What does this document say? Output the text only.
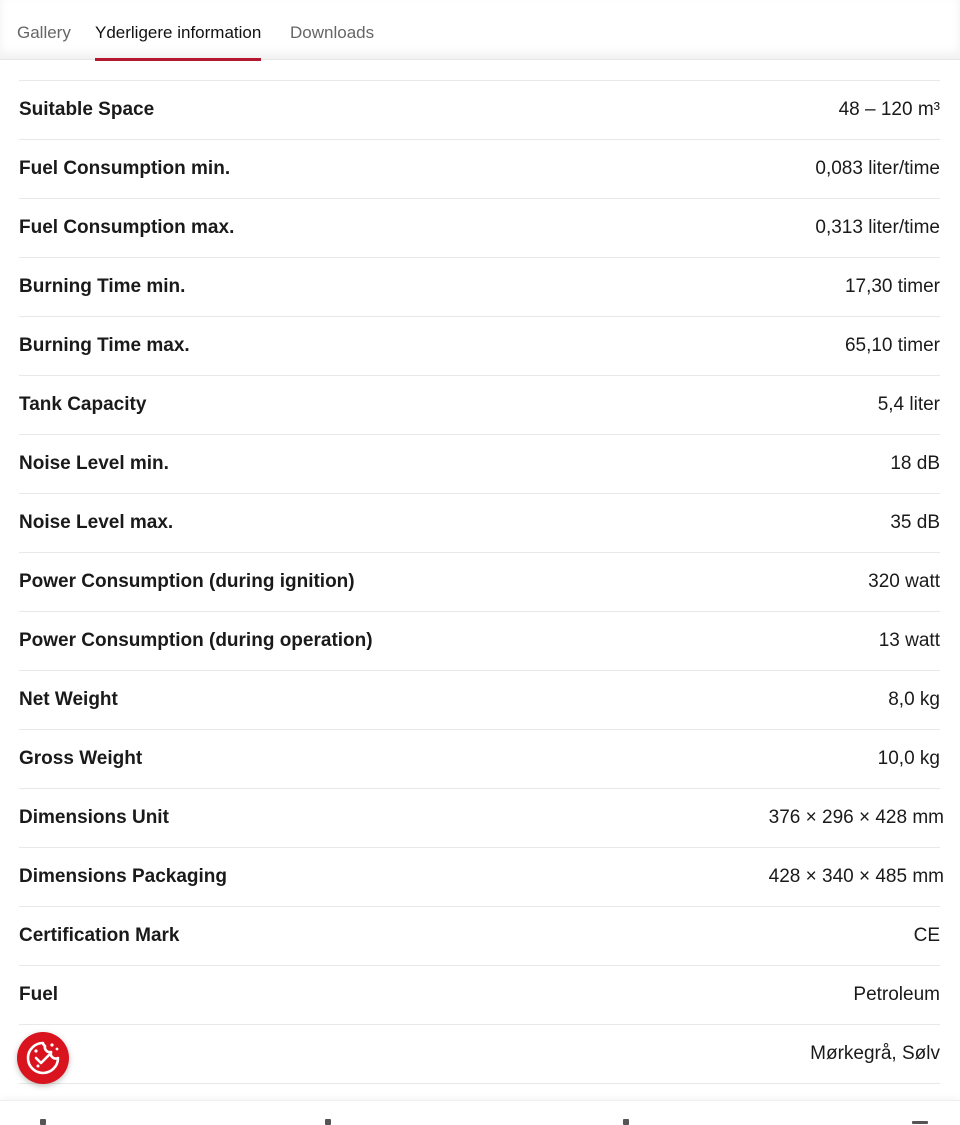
Gallery Yderligere information Downloads
Suitable Space	48 – 120 m³
Fuel Consumption min.	0,083 liter/time
Fuel Consumption max.	0,313 liter/time
Burning Time min.	17,30 timer
Burning Time max.	65,10 timer
Tank Capacity	5,4 liter
Noise Level min.	18 dB
Noise Level max.	35 dB
Power Consumption (during ignition)	320 watt
Power Consumption (during operation)	13 watt
Net Weight	8,0 kg
Gross Weight	10,0 kg
Dimensions Unit	376 × 296 × 428 mm
Dimensions Packaging	428 × 340 × 485 mm
Certification Mark	CE
Fuel	Petroleum
Mørkegrå, Sølv
